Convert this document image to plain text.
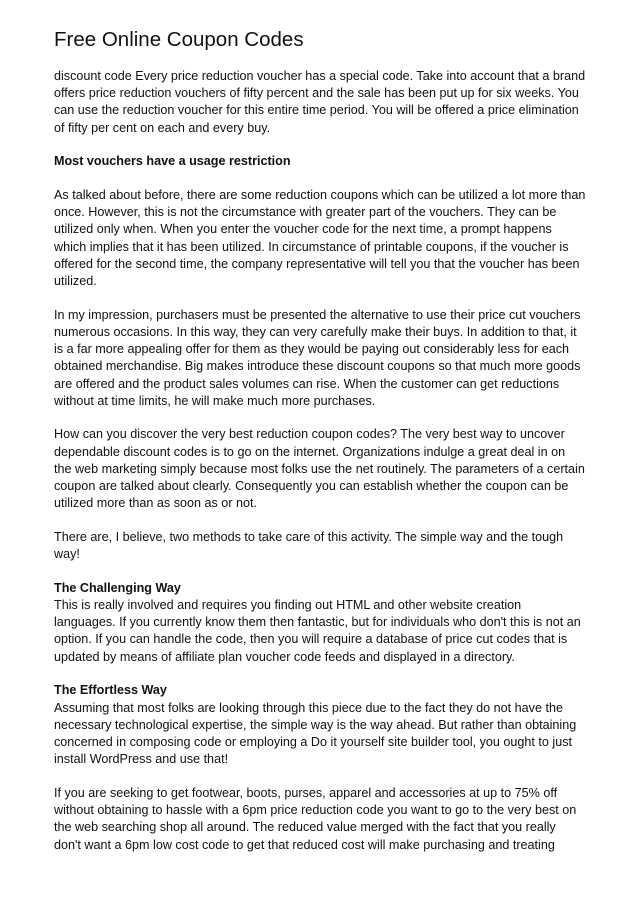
Free Online Coupon Codes

discount code Every price reduction voucher has a special code. Take into account that a brand offers price reduction vouchers of fifty percent and the sale has been put up for six weeks. You can use the reduction voucher for this entire time period. You will be offered a price elimination of fifty per cent on each and every buy.

Most vouchers have a usage restriction

As talked about before, there are some reduction coupons which can be utilized a lot more than once. However, this is not the circumstance with greater part of the vouchers. They can be utilized only when. When you enter the voucher code for the next time, a prompt happens which implies that it has been utilized. In circumstance of printable coupons, if the voucher is offered for the second time, the company representative will tell you that the voucher has been utilized.

In my impression, purchasers must be presented the alternative to use their price cut vouchers numerous occasions. In this way, they can very carefully make their buys. In addition to that, it is a far more appealing offer for them as they would be paying out considerably less for each obtained merchandise. Big makes introduce these discount coupons so that much more goods are offered and the product sales volumes can rise. When the customer can get reductions without at time limits, he will make much more purchases.

How can you discover the very best reduction coupon codes? The very best way to uncover dependable discount codes is to go on the internet. Organizations indulge a great deal in on the web marketing simply because most folks use the net routinely. The parameters of a certain coupon are talked about clearly. Consequently you can establish whether the coupon can be utilized more than as soon as or not.

There are, I believe, two methods to take care of this activity. The simple way and the tough way!

The Challenging Way

This is really involved and requires you finding out HTML and other website creation languages. If you currently know them then fantastic, but for individuals who don't this is not an option. If you can handle the code, then you will require a database of price cut codes that is updated by means of affiliate plan voucher code feeds and displayed in a directory.

The Effortless Way

Assuming that most folks are looking through this piece due to the fact they do not have the necessary technological expertise, the simple way is the way ahead. But rather than obtaining concerned in composing code or employing a Do it yourself site builder tool, you ought to just install WordPress and use that!

If you are seeking to get footwear, boots, purses, apparel and accessories at up to 75% off without obtaining to hassle with a 6pm price reduction code you want to go to the very best on the web searching shop all around. The reduced value merged with the fact that you really don't want a 6pm low cost code to get that reduced cost will make purchasing and treating
